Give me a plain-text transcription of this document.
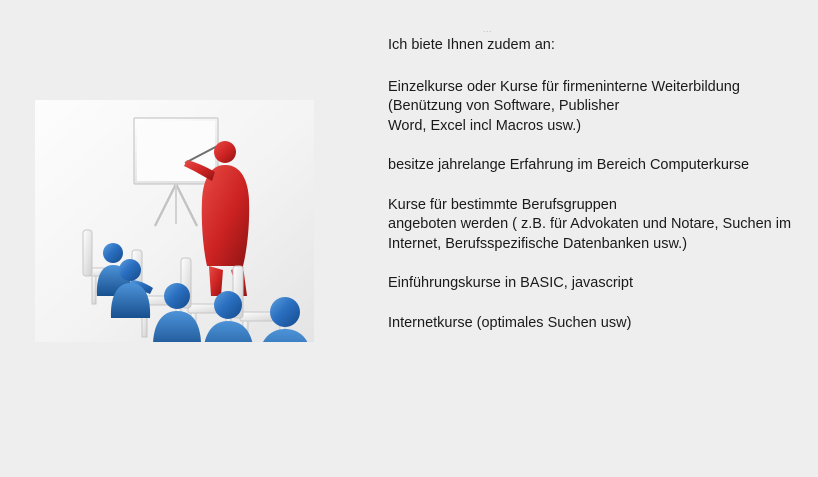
...

Ich biete Ihnen zudem an:

Einzelkurse oder Kurse für firmeninterne Weiterbildung
(Benützung von Software, Publisher
Word, Excel incl Macros usw.)

besitze jahrelange Erfahrung im Bereich Computerkurse

Kurse für bestimmte Berufsgruppen
angeboten werden ( z.B. für Advokaten und Notare, Suchen im
Internet, Berufsspezifische Datenbanken usw.)

Einführungskurse in BASIC, javascript

Internetkurse (optimales Suchen usw)
